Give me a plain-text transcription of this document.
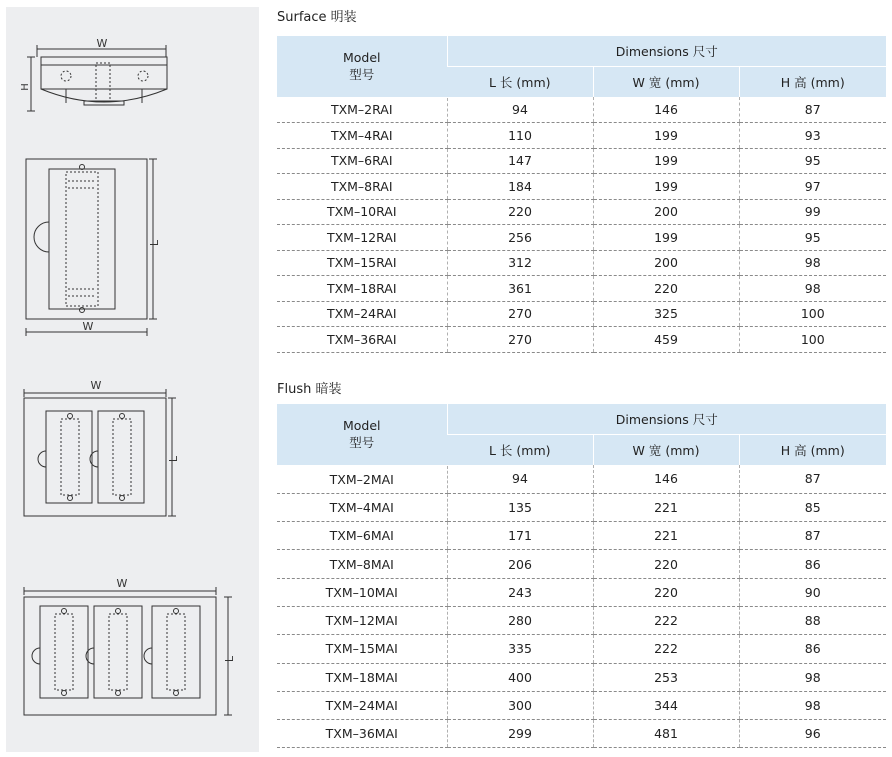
W
H
L
W
W
L
W
L
Surface 明装
Model
型号	Dimensions 尺寸		
	L 长 (mm)	W 宽 (mm)	H 高 (mm)
TXM–2RAI	94	146	87
TXM–4RAI	110	199	93
TXM–6RAI	147	199	95
TXM–8RAI	184	199	97
TXM–10RAI	220	200	99
TXM–12RAI	256	199	95
TXM–15RAI	312	200	98
TXM–18RAI	361	220	98
TXM–24RAI	270	325	100
TXM–36RAI	270	459	100
Flush 暗装
Model
型号	Dimensions 尺寸		
	L 长 (mm)	W 宽 (mm)	H 高 (mm)
TXM–2MAI	94	146	87
TXM–4MAI	135	221	85
TXM–6MAI	171	221	87
TXM–8MAI	206	220	86
TXM–10MAI	243	220	90
TXM–12MAI	280	222	88
TXM–15MAI	335	222	86
TXM–18MAI	400	253	98
TXM–24MAI	300	344	98
TXM–36MAI	299	481	96
